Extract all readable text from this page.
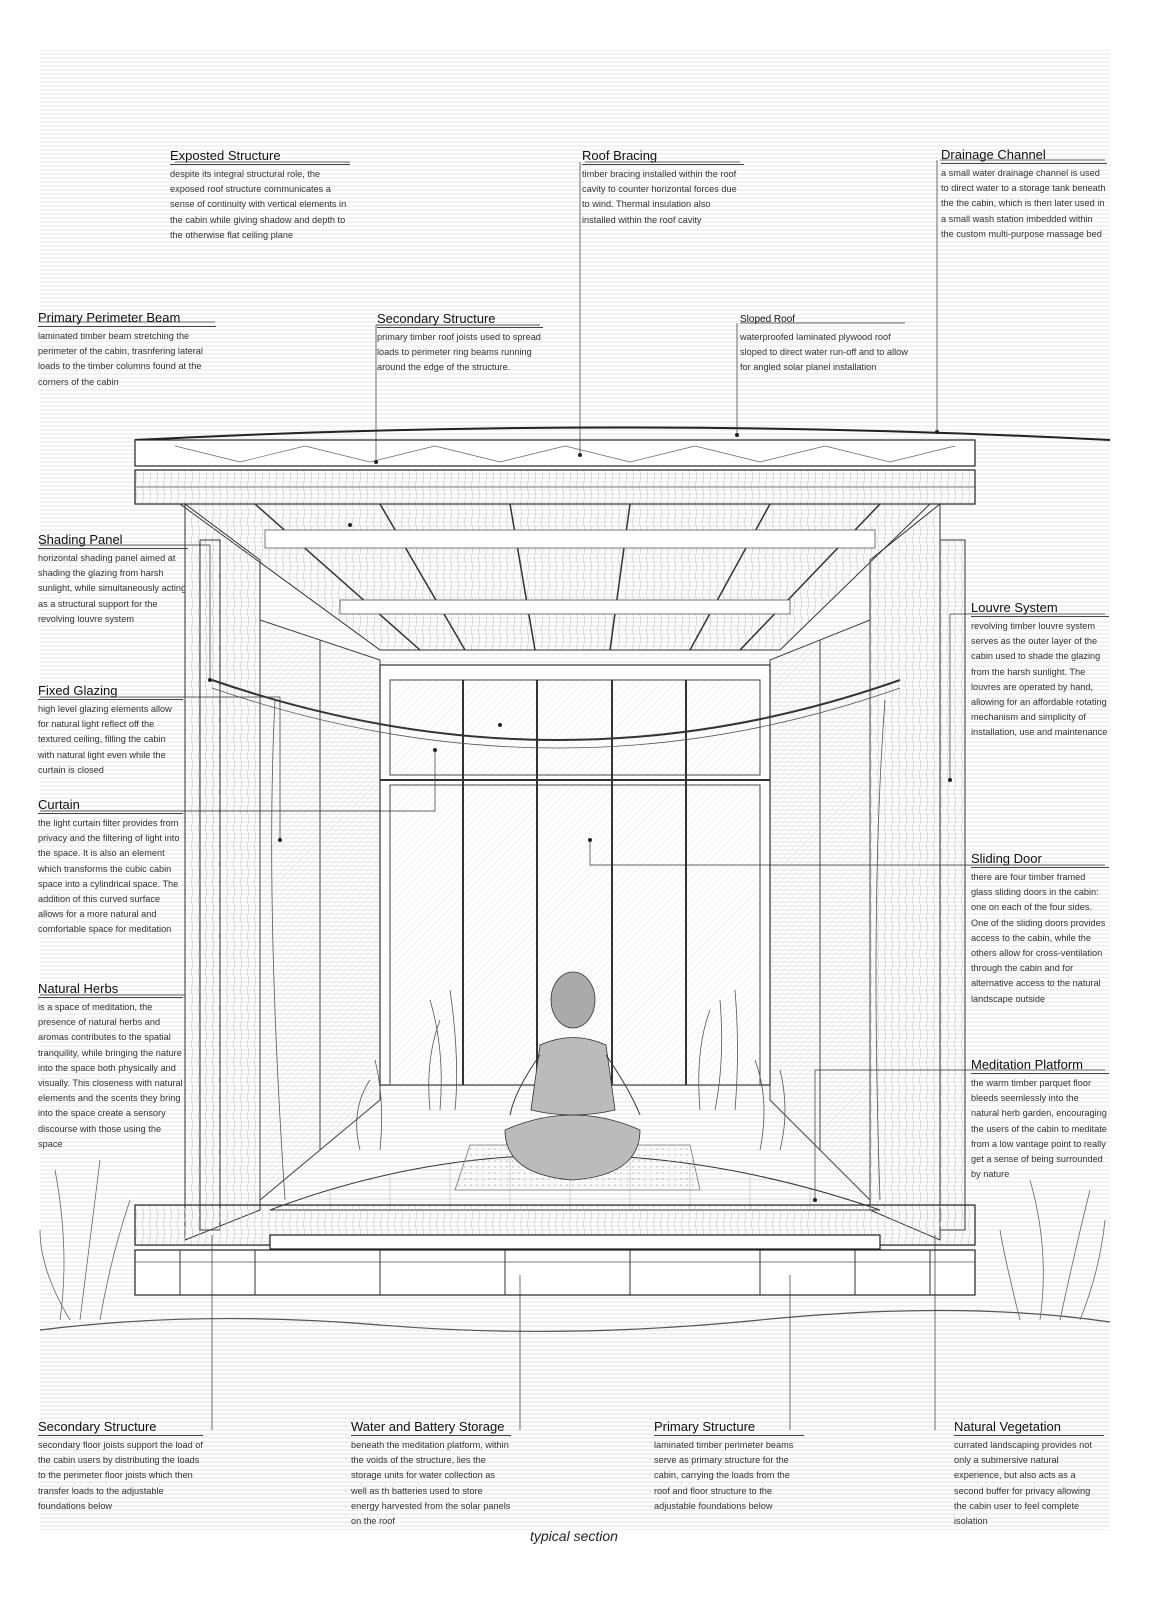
Exposted Structure

despite its integral structural role, the exposed roof structure communicates a sense of continuity with vertical elements in the cabin while giving shadow and depth to the otherwise flat ceiling plane

Roof Bracing

timber bracing installed within the roof cavity to counter horizontal forces due to wind. Thermal insulation also installed within the roof cavity

Drainage Channel

a small water drainage channel is used to direct water to a storage tank beneath the the cabin, which is then later used in a small wash station imbedded within the custom multi-purpose massage bed

Primary Perimeter Beam

laminated timber beam stretching the perimeter of the cabin, trasnfering lateral loads to the timber columns found at the corners of the cabin

Secondary Structure

primary timber roof joists used to spread loads to perimeter ring beams running around the edge of the structure.

Sloped Roof

waterproofed laminated plywood roof sloped to direct water run-off and to allow for angled solar planel installation

Shading Panel

horizontal shading panel aimed at shading the glazing from harsh sunlight, while simultaneously acting as a structural support for the revolving louvre system

Louvre System

revolving timber louvre system serves as the outer layer of the cabin used to shade the glazing from the harsh sunlight. The louvres are operated by hand, allowing for an affordable rotating mechanism and simplicity of installation, use and maintenance

Fixed Glazing

high level glazing elements allow for natural light reflect off the textured ceiling, filling the cabin with natural light even while the curtain is closed

Curtain

the light curtain filter provides from privacy and the filtering of light into the space. It is also an element which transforms the cubic cabin space into a cylindrical space. The addition of this curved surface allows for a more natural and comfortable space for meditation

Sliding Door

there are four timber framed glass sliding doors in the cabin: one on each of the four sides. One of the sliding doors provides access to the cabin, while the others allow for cross-ventilation through the cabin and for alternative access to the natural landscape outside

Natural Herbs

is a space of meditation, the presence of natural herbs and aromas contributes to the spatial tranquility, while bringing the nature into the space both physically and visually. This closeness with natural elements and the scents they bring into the space create a sensory discourse with those using the space

Meditation Platform

the warm timber parquet floor bleeds seemlessly into the natural herb garden, encouraging the users of the cabin to meditate from a low vantage point to really get a sense of being surrounded by nature

Secondary Structure

secondary floor joists support the load of the cabin users by distributing the loads to the perimeter floor joists which then transfer loads to the adjustable foundations below

Water and Battery Storage

beneath the meditation platform, within the voids of the structure, lies the storage units for water collection as well as th batteries used to store energy harvested from the solar panels on the roof

Primary Structure

laminated timber perimeter beams serve as primary structure for the cabin, carrying the loads from the roof and floor structure to the adjustable foundations below

Natural Vegetation

currated landscaping provides not only a submersive natural experience, but also acts as a second buffer for privacy allowing the cabin user to feel complete isolation

typical section
